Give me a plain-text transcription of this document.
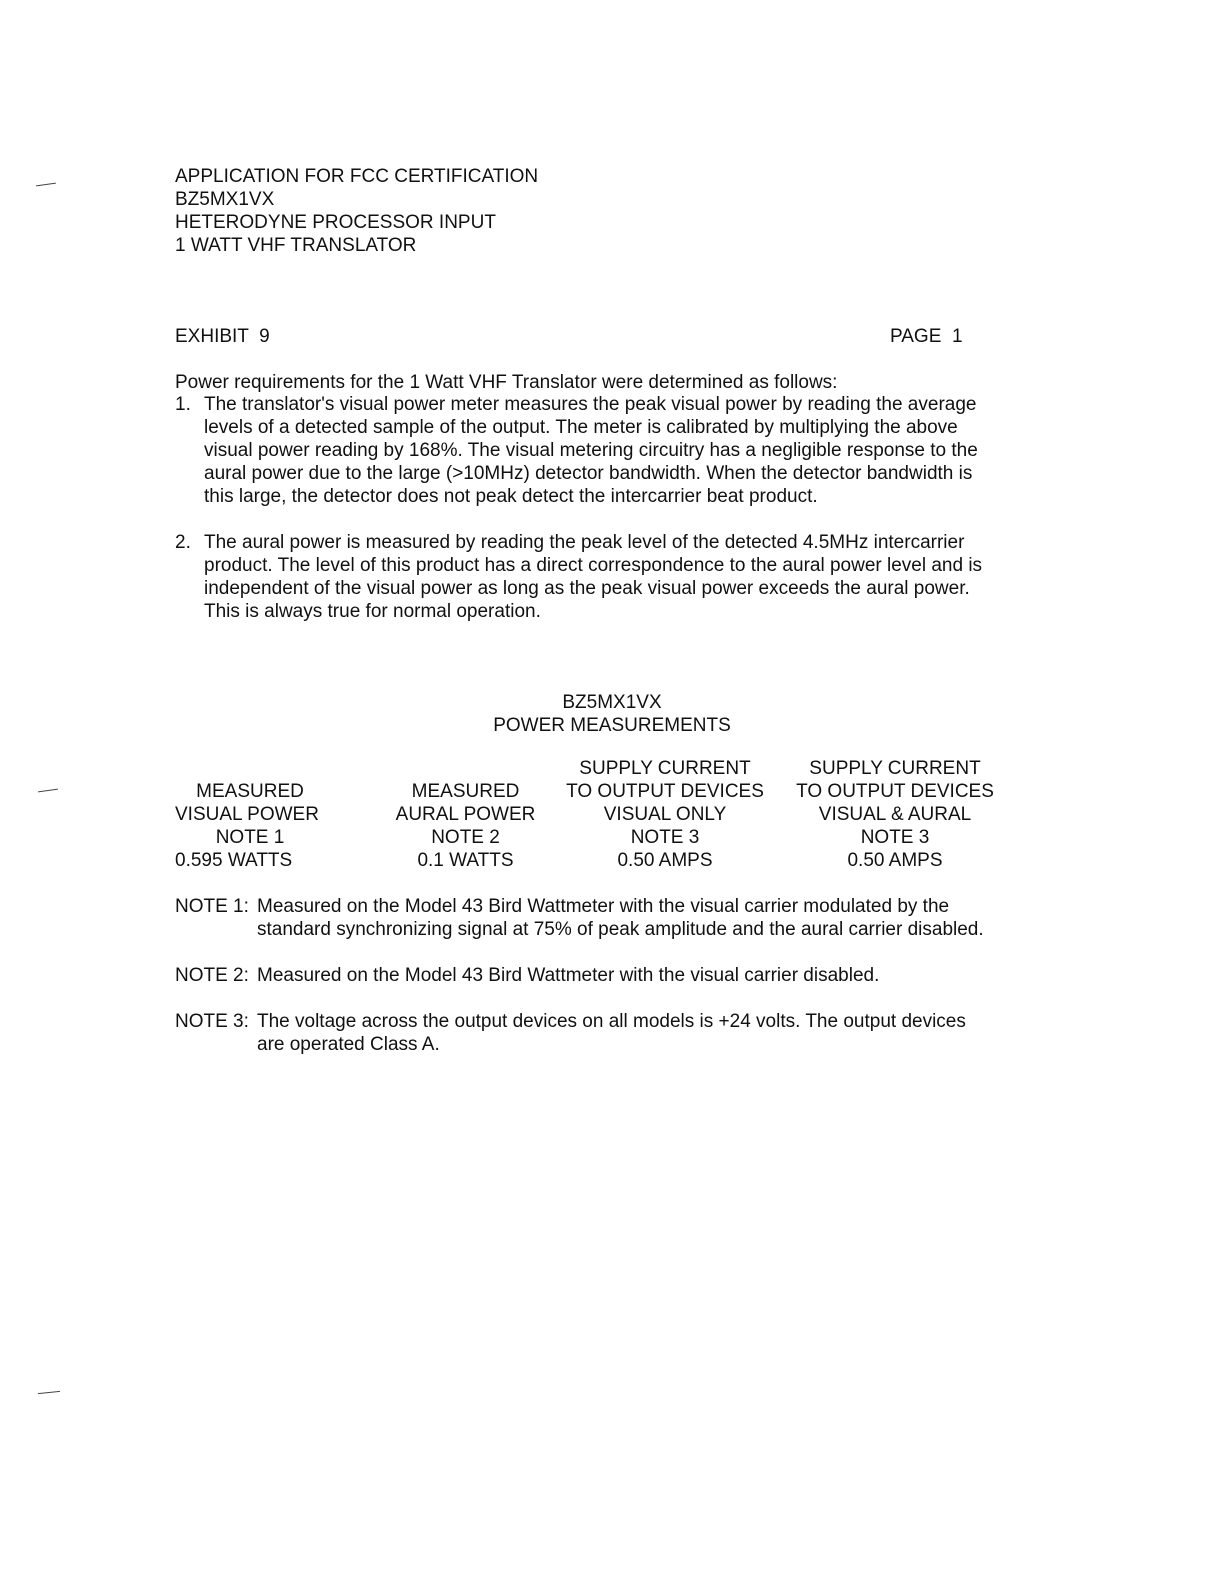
APPLICATION FOR FCC CERTIFICATION
BZ5MX1VX
HETERODYNE PROCESSOR INPUT
1 WATT VHF TRANSLATOR
EXHIBIT  9	PAGE  1
Power requirements for the 1 Watt VHF Translator were determined as follows:
1. The translator's visual power meter measures the peak visual power by reading the average
levels of a detected sample of the output. The meter is calibrated by multiplying the above
visual power reading by 168%. The visual metering circuitry has a negligible response to the
aural power due to the large (>10MHz) detector bandwidth. When the detector bandwidth is
this large, the detector does not peak detect the intercarrier beat product.
2. The aural power is measured by reading the peak level of the detected 4.5MHz intercarrier
product. The level of this product has a direct correspondence to the aural power level and is
independent of the visual power as long as the peak visual power exceeds the aural power.
This is always true for normal operation.
BZ5MX1VX
POWER MEASUREMENTS
MEASURED
VISUAL POWER
NOTE 1
0.595 WATTS
MEASURED
AURAL POWER
NOTE 2
0.1 WATTS
SUPPLY CURRENT
TO OUTPUT DEVICES
VISUAL ONLY
NOTE 3
0.50 AMPS
SUPPLY CURRENT
TO OUTPUT DEVICES
VISUAL & AURAL
NOTE 3
0.50 AMPS
NOTE 1: Measured on the Model 43 Bird Wattmeter with the visual carrier modulated by the
standard synchronizing signal at 75% of peak amplitude and the aural carrier disabled.
NOTE 2: Measured on the Model 43 Bird Wattmeter with the visual carrier disabled.
NOTE 3: The voltage across the output devices on all models is +24 volts. The output devices
are operated Class A.
